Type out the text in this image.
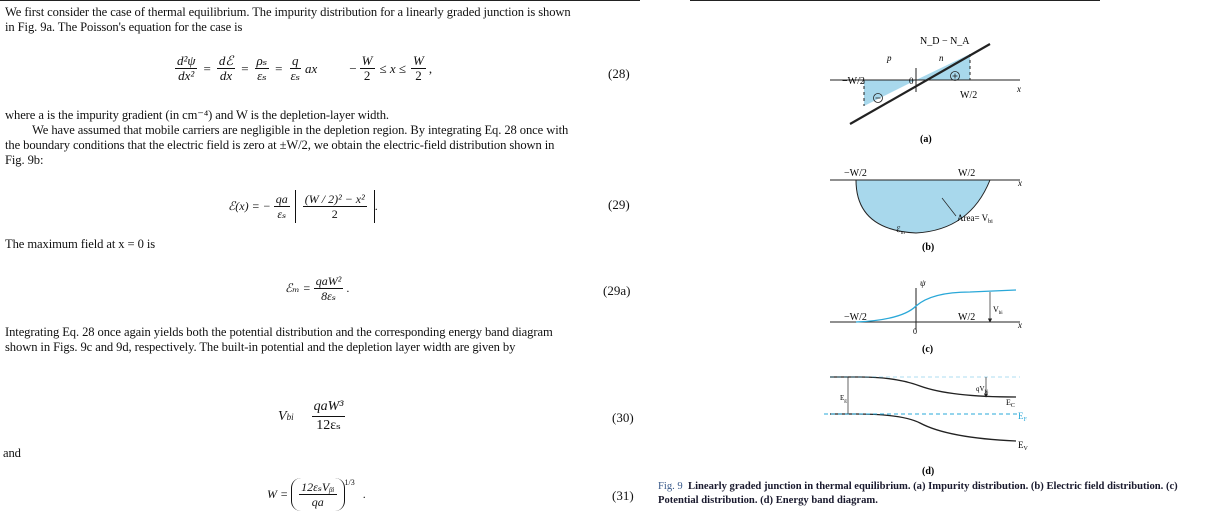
We first consider the case of thermal equilibrium. The impurity distribution for a linearly graded junction is shown
in Fig. 9a. The Poisson's equation for the case is
$\frac{\text{d²ψ}}{\text{dx²}} = \frac{\text{dℰ}}{dx} = \frac{\text{ρₛ}}{\text{εₛ}} = \frac{q}{\text{εₛ}}$ ax − $\frac{W}{2} \le x \le \frac{W}{2}$ ,	(28)
where a is the impurity gradient (in cm⁻⁴) and W is the depletion-layer width.
We have assumed that mobile carriers are negligible in the depletion region. By integrating Eq. 28 once with
the boundary conditions that the electric field is zero at ±W/2, we obtain the electric-field distribution shown in
Fig. 9b:
ℰ(x) = − $\frac{qa}{\text{εₛ}} \frac{\text{(W / 2)² − x²}}{2}$ .	(29)
The maximum field at x = 0 is
ℰₘ = $\frac{\text{qaW²}}{\text{8εₛ}}$ .	(29a)
Integrating Eq. 28 once again yields both the potential distribution and the corresponding energy band diagram
shown in Figs. 9c and 9d, respectively. The built-in potential and the depletion layer width are given by
V bi $\frac{\text{qaW³}}{\text{12εₛ}}$	(30)
and
$W = \frac{\text{12εₛVᵦᵢ}}{qa} ^{1/3}$
.	(31)
N_D − N_A
n
p
−W/2	0
W/2
x
(a)
−W/2	W/2
x
Area= $V_{bi}$
ℰ$_m$
(b)
ψ
−W/2	W/2
0
$V_{bi}$
x
(c)
$E_g$
$qV_{bi}$
$E_C$
$E_F$
$E_V$
(d)
Fig. 9 Linearly graded junction in thermal equilibrium. (a) Impurity distribution. (b) Electric field distribution. (c)
Potential distribution. (d) Energy band diagram.
